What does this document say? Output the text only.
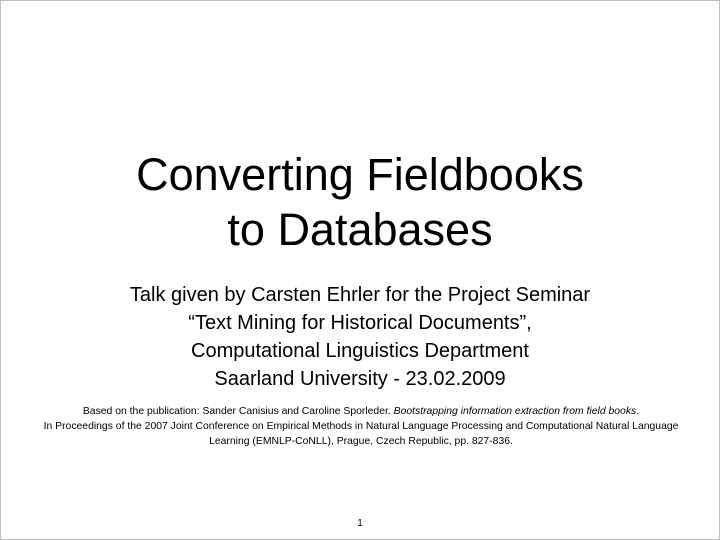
Converting Fieldbooks
to Databases
Talk given by Carsten Ehrler for the Project Seminar
“Text Mining for Historical Documents”,
Computational Linguistics Department
Saarland University - 23.02.2009
Based on the publication: Sander Canisius and Caroline Sporleder. Bootstrapping information extraction from field books.
In Proceedings of the 2007 Joint Conference on Empirical Methods in Natural Language Processing and Computational Natural Language
Learning (EMNLP-CoNLL), Prague, Czech Republic, pp. 827-836.
1
